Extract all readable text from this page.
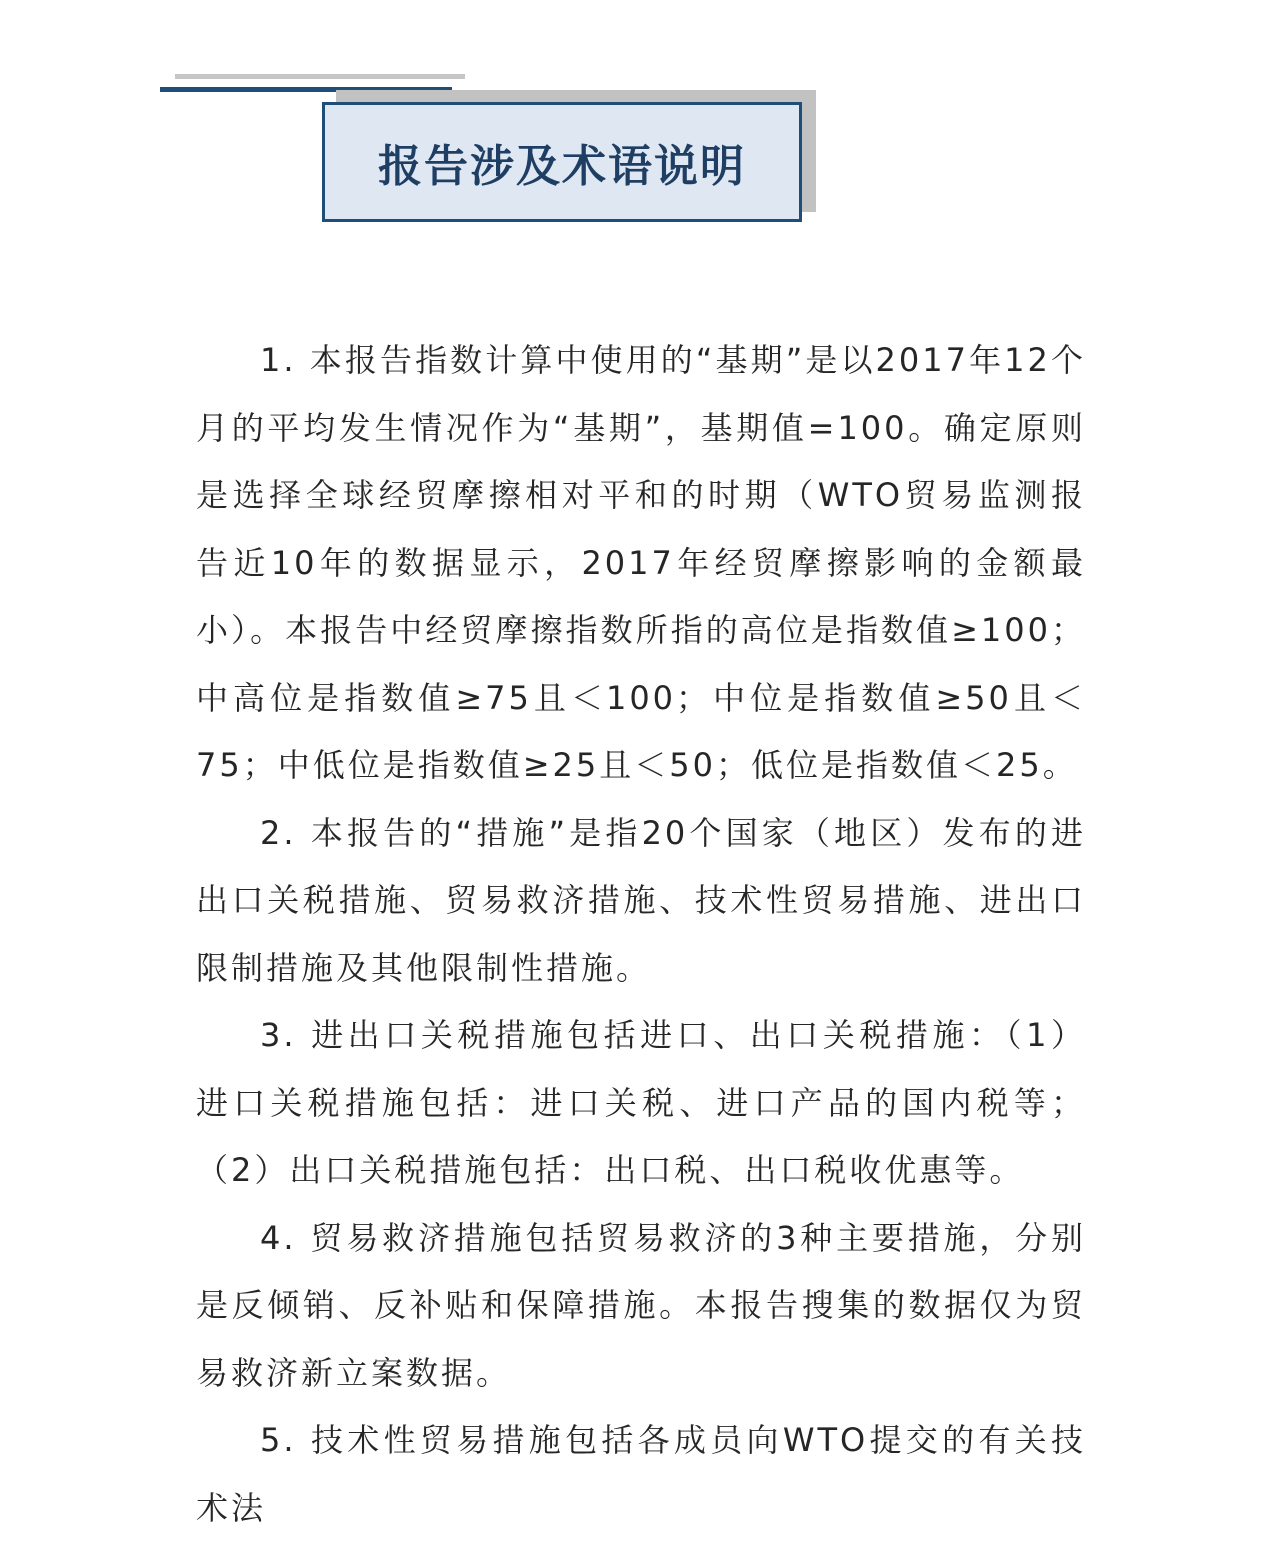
报告涉及术语说明

1. 本报告指数计算中使用的“基期”是以2017年12个月的平均发生情况作为“基期”，基期值=100。确定原则是选择全球经贸摩擦相对平和的时期（WTO贸易监测报告近10年的数据显示，2017年经贸摩擦影响的金额最小）。本报告中经贸摩擦指数所指的高位是指数值≥100；中高位是指数值≥75且＜100；中位是指数值≥50且＜75；中低位是指数值≥25且＜50；低位是指数值＜25。

2. 本报告的“措施”是指20个国家（地区）发布的进出口关税措施、贸易救济措施、技术性贸易措施、进出口限制措施及其他限制性措施。

3. 进出口关税措施包括进口、出口关税措施：（1）进口关税措施包括：进口关税、进口产品的国内税等；（2）出口关税措施包括：出口税、出口税收优惠等。

4. 贸易救济措施包括贸易救济的3种主要措施，分别是反倾销、反补贴和保障措施。本报告搜集的数据仅为贸易救济新立案数据。

5. 技术性贸易措施包括各成员向WTO提交的有关技术法
